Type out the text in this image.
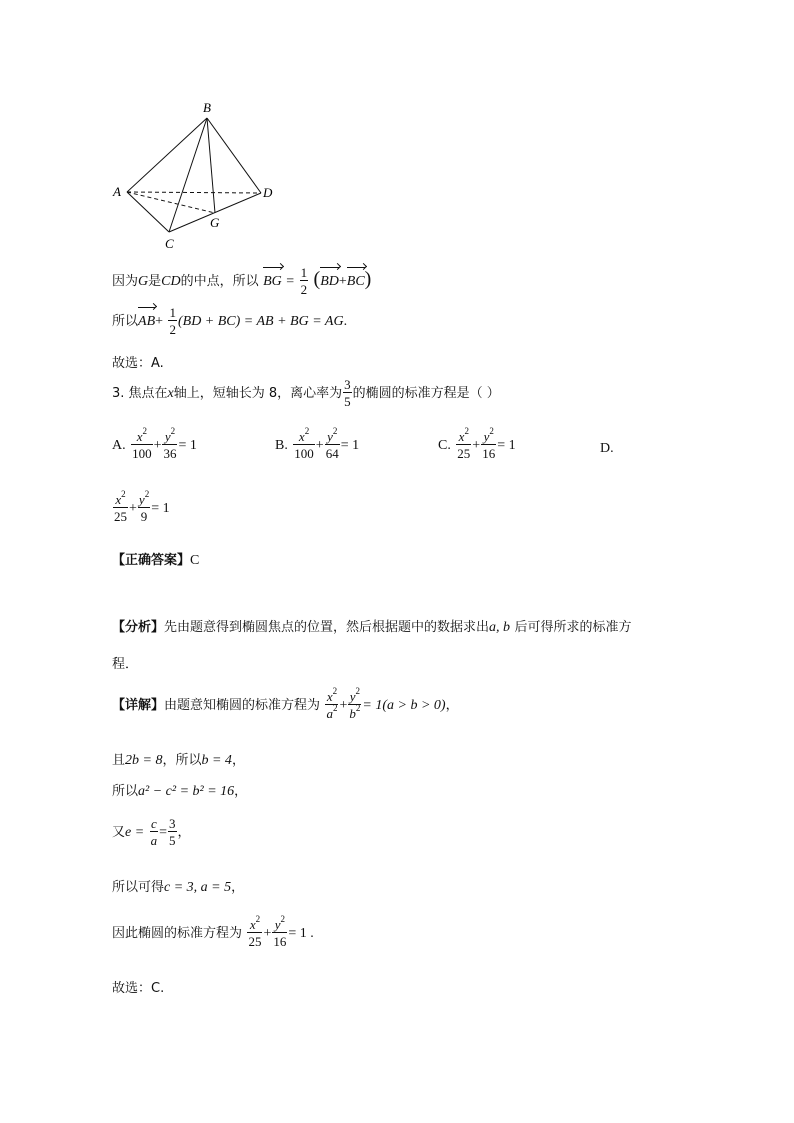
B
A	D
G
C
因为G是CD的中点，所以 BG = $\frac{1}{2}$ (
BD+
BC)
所以
$AB+ \frac{1}{2} (BD + BC)$ = AB + BG = AG.
故选：A.
3. 焦点在x轴上，短轴长为 8，离心率为 $\frac{3}{5}$ 的椭圆的标准方程是（ ）
A. $\frac{x^2}{100} + \frac{y^2}{36} = 1$	B. $\frac{x^2}{100} + \frac{y^2}{64} = 1$	C. $\frac{x^2}{25} + \frac{y^2}{16} = 1$	D.
$\frac{x^2}{25} + \frac{y^2}{9} = 1$
【正确答案】C
【分析】先由题意得到椭圆焦点的位置，然后根据题中的数据求出a, b 后可得所求的标准方
程．
【详解】由题意知椭圆的标准方程为 $\frac{x^2}{a^2} + \frac{y^2}{b^2} = 1(a > b > 0)$，
且2b = 8，所以b = 4，
所以a² − c² = b² = 16，
又$e = \frac{c}{a} = \frac{3}{5}$ ，
所以可得c = 3, a = 5，
因此椭圆的标准方程为 $\frac{x^2}{25} + \frac{y^2}{16} = 1$ .
故选：C.
